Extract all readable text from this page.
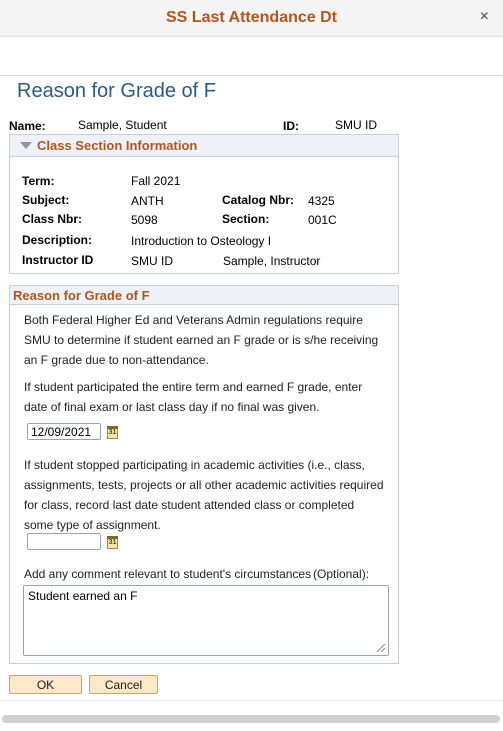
SS Last Attendance Dt	×
Reason for Grade of F
Name:	Sample, Student	ID:	SMU ID
Class Section Information
Term:	Fall 2021
Subject:	ANTH	Catalog Nbr: 4325
Class Nbr:	5098	Section:	001C
Description:	Introduction to Osteology I
Instructor ID	SMU ID	Sample, Instructor
Reason for Grade of F
Both Federal Higher Ed and Veterans Admin regulations require
SMU to determine if student earned an F grade or is s/he receiving
an F grade due to non-attendance.
If student participated the entire term and earned F grade, enter
date of final exam or last class day if no final was given.
12/09/2021	31
If student stopped participating in academic activities (i.e., class,
assignments, tests, projects or all other academic activities required
for class, record last date student attended class or completed
some type of assignment.
31
Add any comment relevant to student's circumstances (Optional):
Student earned an F
OK	Cancel
